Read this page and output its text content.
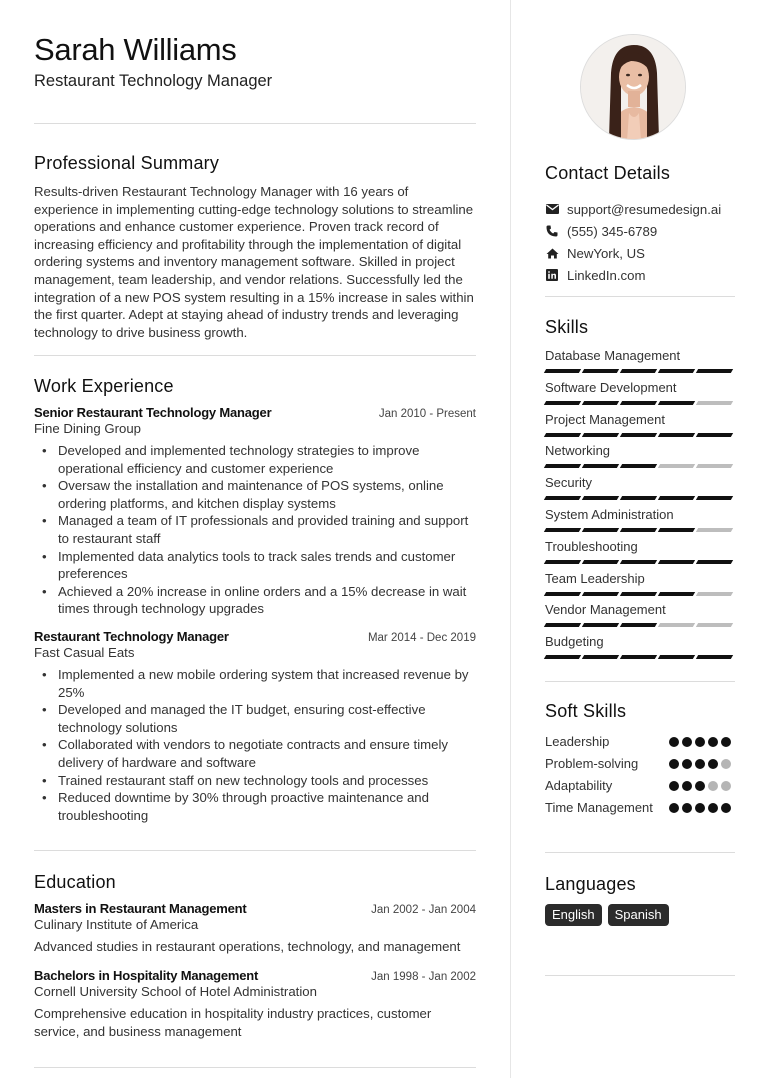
Sarah Williams
Restaurant Technology Manager
Professional Summary
Results-driven Restaurant Technology Manager with 16 years of experience in implementing cutting-edge technology solutions to streamline operations and enhance customer experience. Proven track record of increasing efficiency and profitability through the implementation of digital ordering systems and inventory management software. Skilled in project management, team leadership, and vendor relations. Successfully led the integration of a new POS system resulting in a 15% increase in sales within the first quarter. Adept at staying ahead of industry trends and leveraging technology to drive business growth.
Work Experience
Senior Restaurant Technology Manager	Jan 2010 - Present
Fine Dining Group
• Developed and implemented technology strategies to improve operational efficiency and customer experience
• Oversaw the installation and maintenance of POS systems, online ordering platforms, and kitchen display systems
• Managed a team of IT professionals and provided training and support to restaurant staff
• Implemented data analytics tools to track sales trends and customer preferences
• Achieved a 20% increase in online orders and a 15% decrease in wait times through technology upgrades
Restaurant Technology Manager	Mar 2014 - Dec 2019
Fast Casual Eats
• Implemented a new mobile ordering system that increased revenue by 25%
• Developed and managed the IT budget, ensuring cost-effective technology solutions
• Collaborated with vendors to negotiate contracts and ensure timely delivery of hardware and software
• Trained restaurant staff on new technology tools and processes
• Reduced downtime by 30% through proactive maintenance and troubleshooting
Education
Masters in Restaurant Management	Jan 2002 - Jan 2004
Culinary Institute of America
Advanced studies in restaurant operations, technology, and management
Bachelors in Hospitality Management	Jan 1998 - Jan 2002
Cornell University School of Hotel Administration
Comprehensive education in hospitality industry practices, customer service, and business management
Contact Details
support@resumedesign.ai
(555) 345-6789
NewYork, US
LinkedIn.com
Skills
Database Management
Software Development
Project Management
Networking
Security
System Administration
Troubleshooting
Team Leadership
Vendor Management
Budgeting
Soft Skills
Leadership
Problem-solving
Adaptability
Time Management
Languages
English	Spanish
